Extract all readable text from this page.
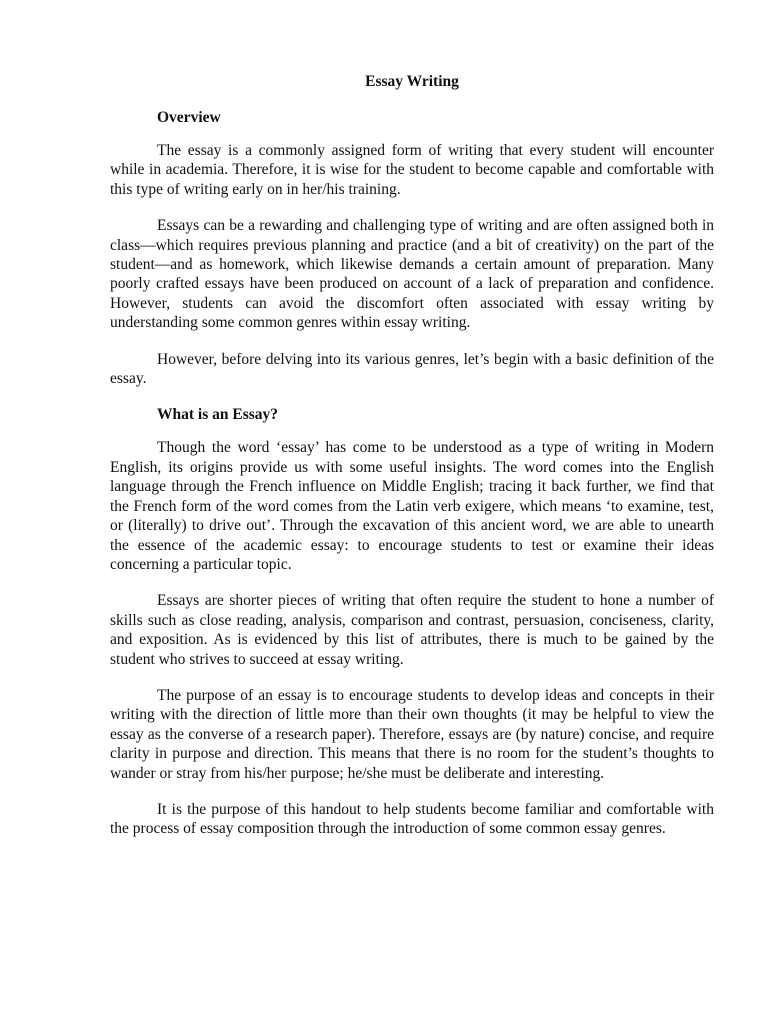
Essay Writing
Overview

The essay is a commonly assigned form of writing that every student will encounter while in academia. Therefore, it is wise for the student to become capable and comfortable with this type of writing early on in her/his training.

Essays can be a rewarding and challenging type of writing and are often assigned both in class—which requires previous planning and practice (and a bit of creativity) on the part of the student—and as homework, which likewise demands a certain amount of preparation. Many poorly crafted essays have been produced on account of a lack of preparation and confidence. However, students can avoid the discomfort often associated with essay writing by understanding some common genres within essay writing.

However, before delving into its various genres, let’s begin with a basic definition of the essay.

What is an Essay?

Though the word ‘essay’ has come to be understood as a type of writing in Modern English, its origins provide us with some useful insights. The word comes into the English language through the French influence on Middle English; tracing it back further, we find that the French form of the word comes from the Latin verb exigere, which means ‘to examine, test, or (literally) to drive out’. Through the excavation of this ancient word, we are able to unearth the essence of the academic essay: to encourage students to test or examine their ideas concerning a particular topic.

Essays are shorter pieces of writing that often require the student to hone a number of skills such as close reading, analysis, comparison and contrast, persuasion, conciseness, clarity, and exposition. As is evidenced by this list of attributes, there is much to be gained by the student who strives to succeed at essay writing.

The purpose of an essay is to encourage students to develop ideas and concepts in their writing with the direction of little more than their own thoughts (it may be helpful to view the essay as the converse of a research paper). Therefore, essays are (by nature) concise, and require clarity in purpose and direction. This means that there is no room for the student’s thoughts to wander or stray from his/her purpose; he/she must be deliberate and interesting.

It is the purpose of this handout to help students become familiar and comfortable with the process of essay composition through the introduction of some common essay genres.
